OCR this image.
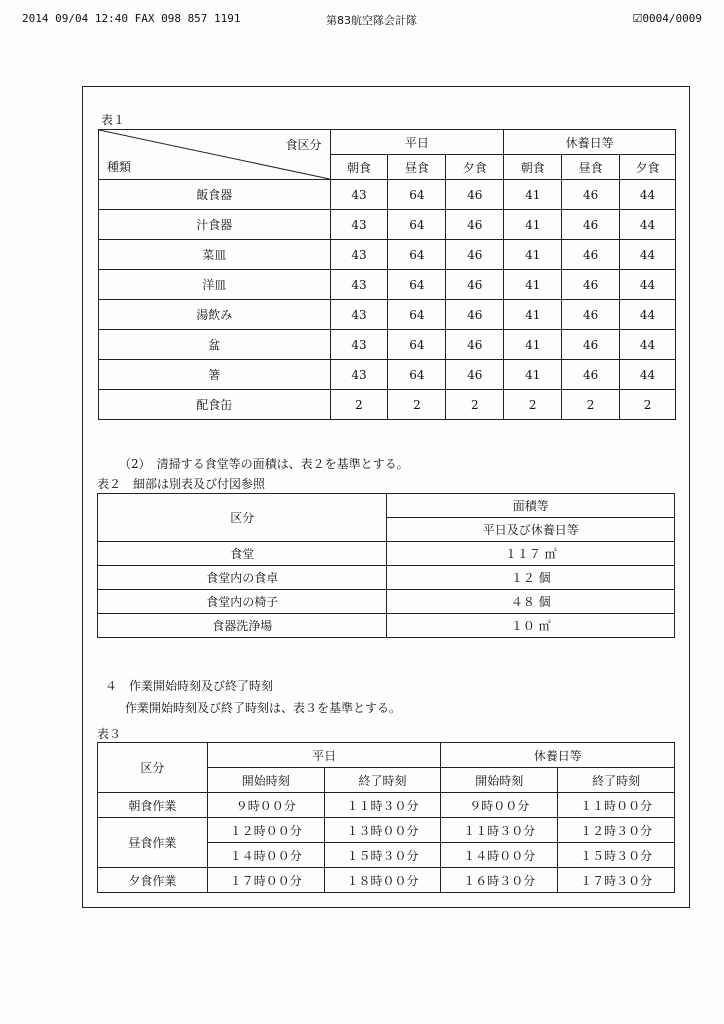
2014 09/04 12:40 FAX 098 857 1191	第83航空隊会計隊	☑0004/0009
表１
食区分
種類	平日			休養日等		
	朝食	昼食	夕食	朝食	昼食	夕食
飯食器	43	64	46	41	46	44
汁食器	43	64	46	41	46	44
菜皿	43	64	46	41	46	44
洋皿	43	64	46	41	46	44
湯飲み	43	64	46	41	46	44
盆	43	64	46	41	46	44
箸	43	64	46	41	46	44
配食缶	2	2	2	2	2	2
（2）　清掃する食堂等の面積は、表２を基準とする。
表２　細部は別表及び付図参照
区分	面積等
	平日及び休養日等
食堂	１１７ ㎡
食堂内の食卓	１２ 個
食堂内の椅子	４８ 個
食器洗浄場	１０ ㎡
４　作業開始時刻及び終了時刻
作業開始時刻及び終了時刻は、表３を基準とする。
表３
区分	平日		休養日等	
	開始時刻	終了時刻	開始時刻	終了時刻
朝食作業	９時００分	１１時３０分	９時００分	１１時００分
昼食作業	１２時００分	１３時００分	１１時３０分	１２時３０分
	１４時００分	１５時３０分	１４時００分	１５時３０分
夕食作業	１７時００分	１８時００分	１６時３０分	１７時３０分
